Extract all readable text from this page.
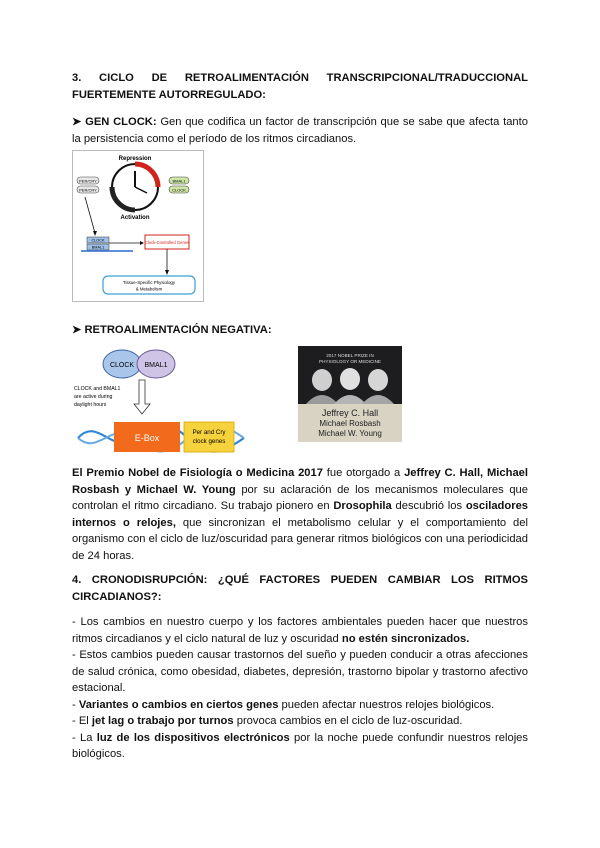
3. CICLO DE RETROALIMENTACIÓN TRANSCRIPCIONAL/TRADUCCIONAL FUERTEMENTE AUTORREGULADO:

➤ GEN CLOCK: Gen que codifica un factor de transcripción que se sabe que afecta tanto la persistencia como el período de los ritmos circadianos.

Repression
Activation
PER/CRY
PER/CRY
BMAL1
CLOCK
CLOCK
BMAL1
Clock-Controlled Genes
Tissue-Specific Physiology
& Metabolism

➤ RETROALIMENTACIÓN NEGATIVA:

CLOCK BMAL1
CLOCK and BMAL1
are active during
daylight hours
E-Box
Per and Cry
clock genes
2017 NOBEL PRIZE IN
PHYSIOLOGY OR MEDICINE
Jeffrey C. Hall
Michael Rosbash
Michael W. Young

El Premio Nobel de Fisiología o Medicina 2017 fue otorgado a Jeffrey C. Hall, Michael Rosbash y Michael W. Young por su aclaración de los mecanismos moleculares que controlan el ritmo circadiano. Su trabajo pionero en Drosophila descubrió los osciladores internos o relojes, que sincronizan el metabolismo celular y el comportamiento del organismo con el ciclo de luz/oscuridad para generar ritmos biológicos con una periodicidad de 24 horas.

4. CRONODISRUPCIÓN: ¿QUÉ FACTORES PUEDEN CAMBIAR LOS RITMOS CIRCADIANOS?:

- Los cambios en nuestro cuerpo y los factores ambientales pueden hacer que nuestros ritmos circadianos y el ciclo natural de luz y oscuridad no estén sincronizados.
- Estos cambios pueden causar trastornos del sueño y pueden conducir a otras afecciones de salud crónica, como obesidad, diabetes, depresión, trastorno bipolar y trastorno afectivo estacional.
- Variantes o cambios en ciertos genes pueden afectar nuestros relojes biológicos.
- El jet lag o trabajo por turnos provoca cambios en el ciclo de luz-oscuridad.
- La luz de los dispositivos electrónicos por la noche puede confundir nuestros relojes biológicos.
